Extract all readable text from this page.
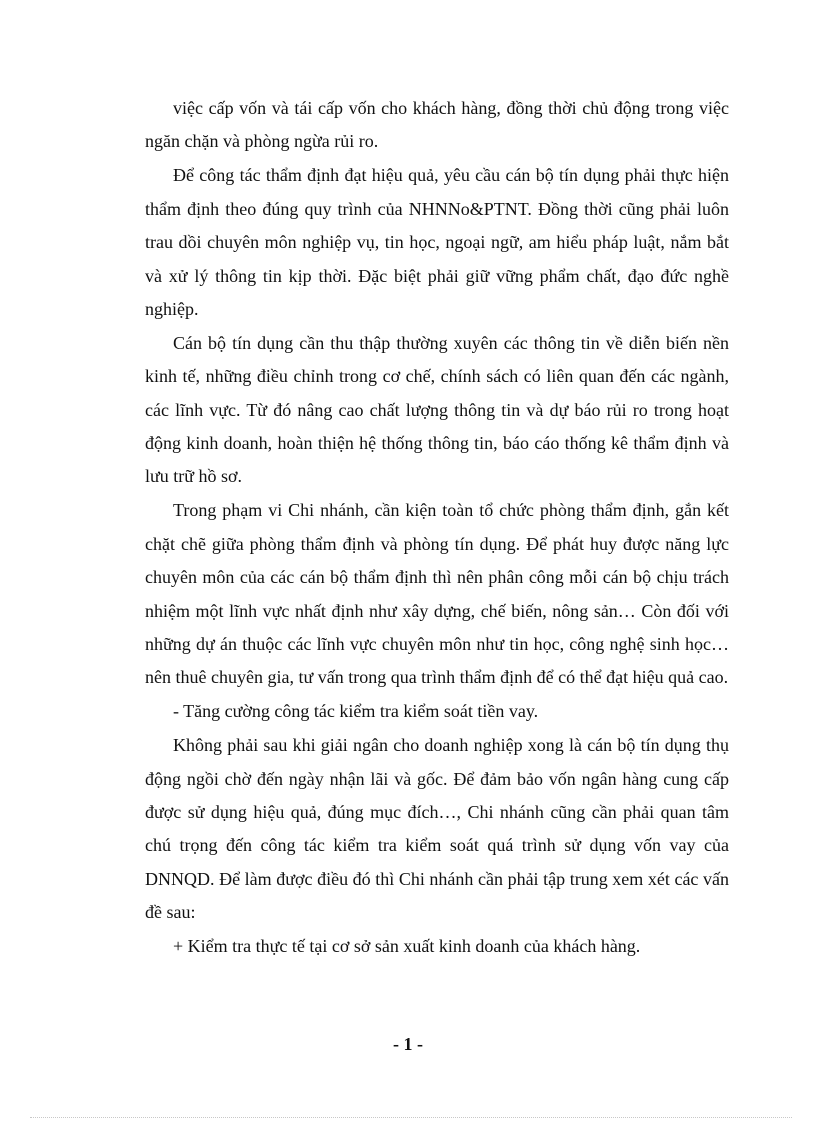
việc cấp vốn và tái cấp vốn cho khách hàng, đồng thời chủ động trong việc ngăn chặn và phòng ngừa rủi ro.

Để công tác thẩm định đạt hiệu quả, yêu cầu cán bộ tín dụng phải thực hiện thẩm định theo đúng quy trình của NHNNo&PTNT. Đồng thời cũng phải luôn trau dồi chuyên môn nghiệp vụ, tin học, ngoại ngữ, am hiểu pháp luật, nắm bắt và xử lý thông tin kịp thời. Đặc biệt phải giữ vững phẩm chất, đạo đức nghề nghiệp.

Cán bộ tín dụng cần thu thập thường xuyên các thông tin về diễn biến nền kinh tế, những điều chỉnh trong cơ chế, chính sách có liên quan đến các ngành, các lĩnh vực. Từ đó nâng cao chất lượng thông tin và dự báo rủi ro trong hoạt động kinh doanh, hoàn thiện hệ thống thông tin, báo cáo thống kê thẩm định và lưu trữ hồ sơ.

Trong phạm vi Chi nhánh, cần kiện toàn tổ chức phòng thẩm định, gắn kết chặt chẽ giữa phòng thẩm định và phòng tín dụng. Để phát huy được năng lực chuyên môn của các cán bộ thẩm định thì nên phân công mỗi cán bộ chịu trách nhiệm một lĩnh vực nhất định như xây dựng, chế biến, nông sản… Còn đối với những dự án thuộc các lĩnh vực chuyên môn như tin học, công nghệ sinh học… nên thuê chuyên gia, tư vấn trong qua trình thẩm định để có thể đạt hiệu quả cao.

- Tăng cường công tác kiểm tra kiểm soát tiền vay.

Không phải sau khi giải ngân cho doanh nghiệp xong là cán bộ tín dụng thụ động ngồi chờ đến ngày nhận lãi và gốc. Để đảm bảo vốn ngân hàng cung cấp được sử dụng hiệu quả, đúng mục đích…, Chi nhánh cũng cần phải quan tâm chú trọng đến công tác kiểm tra kiểm soát quá trình sử dụng vốn vay của DNNQD. Để làm được điều đó thì Chi nhánh cần phải tập trung xem xét các vấn đề sau:

+ Kiểm tra thực tế tại cơ sở sản xuất kinh doanh của khách hàng.

- 1 -
